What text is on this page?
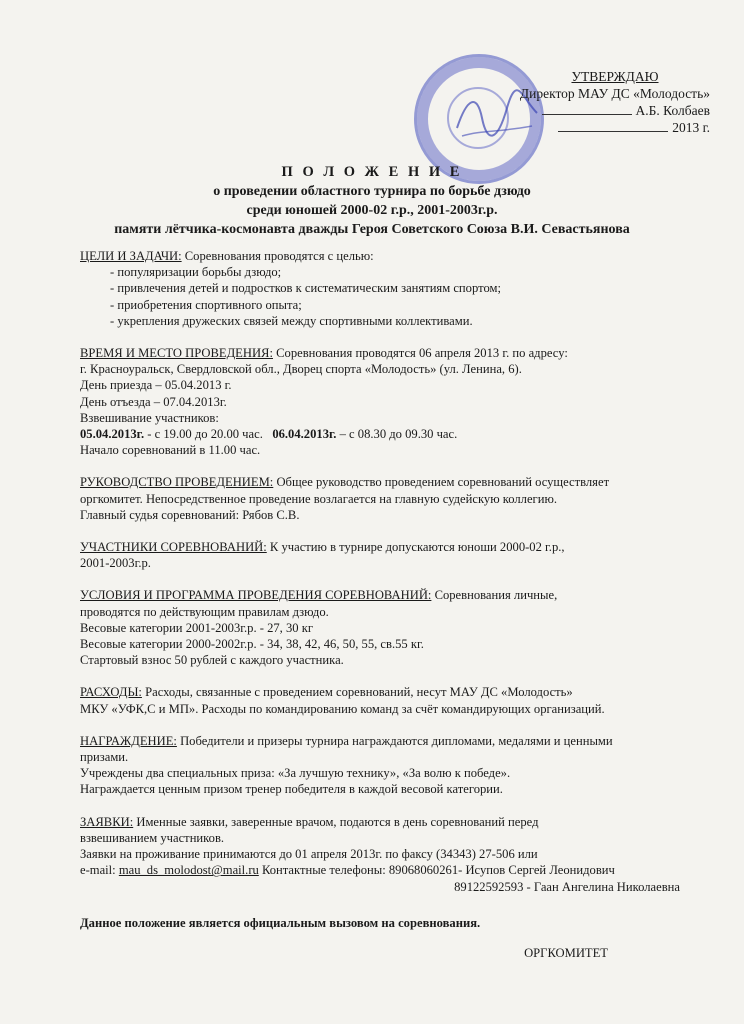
УТВЕРЖДАЮ
Директор МАУ ДС «Молодость»
А.Б. Колбаев
2013 г.
П О Л О Ж Е Н И Е
о проведении областного турнира по борьбе дзюдо
среди юношей 2000-02 г.р., 2001-2003г.р.
памяти лётчика-космонавта дважды Героя Советского Союза В.И. Севастьянова
ЦЕЛИ И ЗАДАЧИ: Соревнования проводятся с целью:
- популяризации борьбы дзюдо;
- привлечения детей и подростков к систематическим занятиям спортом;
- приобретения спортивного опыта;
- укрепления дружеских связей между спортивными коллективами.
ВРЕМЯ И МЕСТО ПРОВЕДЕНИЯ: Соревнования проводятся 06 апреля 2013 г. по адресу:
г. Красноуральск, Свердловской обл., Дворец спорта «Молодость» (ул. Ленина, 6).
День приезда – 05.04.2013 г.
День отъезда – 07.04.2013г.
Взвешивание участников:
05.04.2013г. - с 19.00 до 20.00 час. 06.04.2013г. – с 08.30 до 09.30 час.
Начало соревнований в 11.00 час.
РУКОВОДСТВО ПРОВЕДЕНИЕМ: Общее руководство проведением соревнований осуществляет
оргкомитет. Непосредственное проведение возлагается на главную судейскую коллегию.
Главный судья соревнований: Рябов С.В.
УЧАСТНИКИ СОРЕВНОВАНИЙ: К участию в турнире допускаются юноши 2000-02 г.р.,
2001-2003г.р.
УСЛОВИЯ И ПРОГРАММА ПРОВЕДЕНИЯ СОРЕВНОВАНИЙ: Соревнования личные,
проводятся по действующим правилам дзюдо.
Весовые категории 2001-2003г.р. - 27, 30 кг
Весовые категории 2000-2002г.р. - 34, 38, 42, 46, 50, 55, св.55 кг.
Стартовый взнос 50 рублей с каждого участника.
РАСХОДЫ: Расходы, связанные с проведением соревнований, несут МАУ ДС «Молодость»
МКУ «УФК,С и МП». Расходы по командированию команд за счёт командирующих организаций.
НАГРАЖДЕНИЕ: Победители и призеры турнира награждаются дипломами, медалями и ценными
призами.
Учреждены два специальных приза: «За лучшую технику», «За волю к победе».
Награждается ценным призом тренер победителя в каждой весовой категории.
ЗАЯВКИ: Именные заявки, заверенные врачом, подаются в день соревнований перед
взвешиванием участников.
Заявки на проживание принимаются до 01 апреля 2013г. по факсу (34343) 27-506 или
e-mail: mau_ds_molodost@mail.ru Контактные телефоны: 89068060261- Исупов Сергей Леонидович
89122592593 - Гаан Ангелина Николаевна
Данное положение является официальным вызовом на соревнования.
ОРГКОМИТЕТ
